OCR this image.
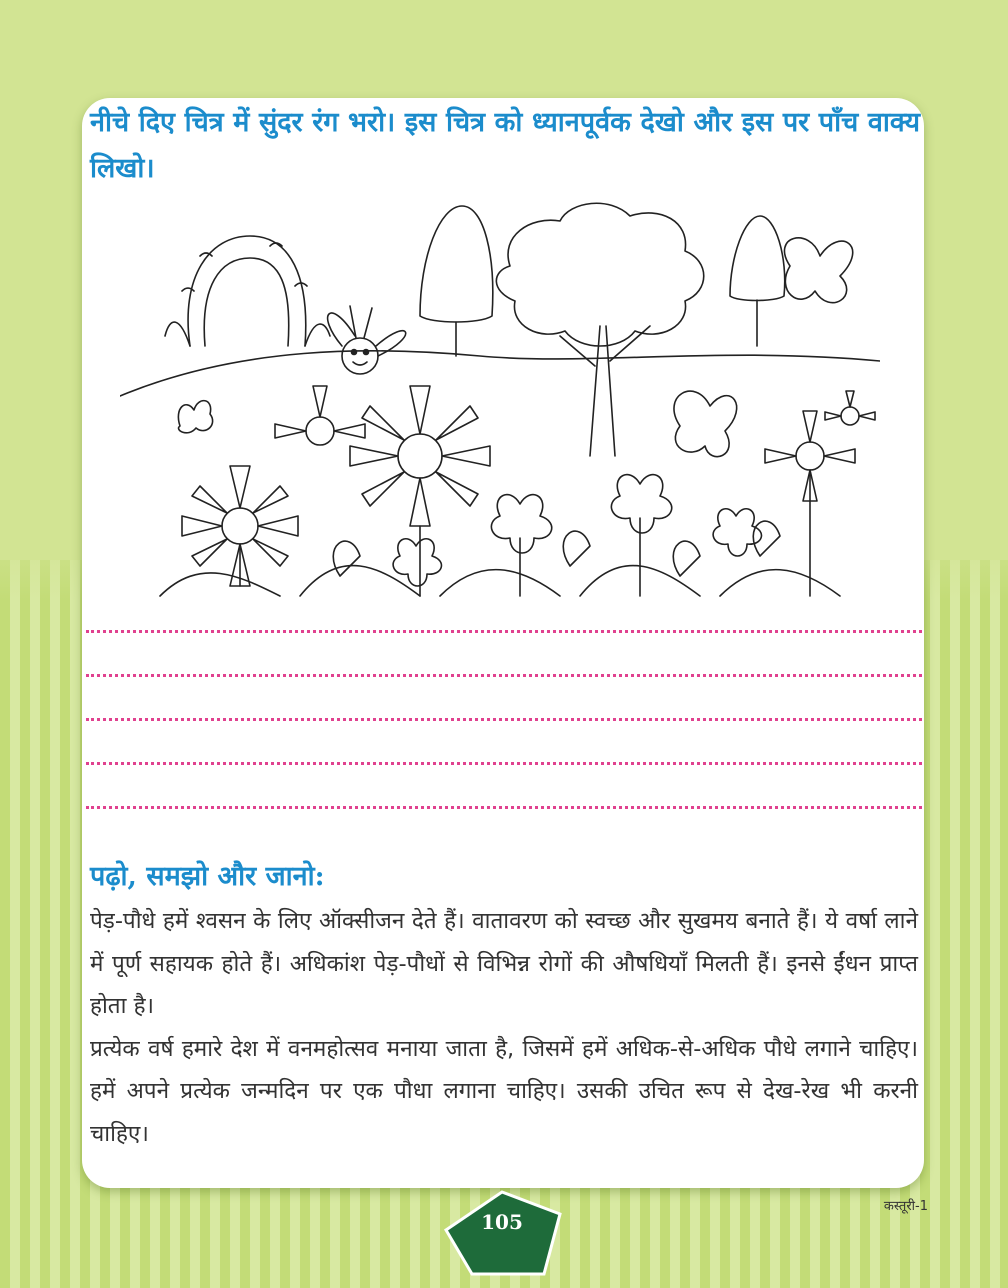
नीचे दिए चित्र में सुंदर रंग भरो। इस चित्र को ध्यानपूर्वक देखो और इस पर पाँच वाक्य लिखो।

पढ़ो, समझो और जानो:

पेड़-पौधे हमें श्वसन के लिए ऑक्सीजन देते हैं। वातावरण को स्वच्छ और सुखमय बनाते हैं। ये वर्षा लाने में पूर्ण सहायक होते हैं। अधिकांश पेड़-पौधों से विभिन्न रोगों की औषधियाँ मिलती हैं। इनसे ईंधन प्राप्त होता है।

प्रत्येक वर्ष हमारे देश में वनमहोत्सव मनाया जाता है, जिसमें हमें अधिक-से-अधिक पौधे लगाने चाहिए। हमें अपने प्रत्येक जन्मदिन पर एक पौधा लगाना चाहिए। उसकी उचित रूप से देख-रेख भी करनी चाहिए।

105
कस्तूरी-1
